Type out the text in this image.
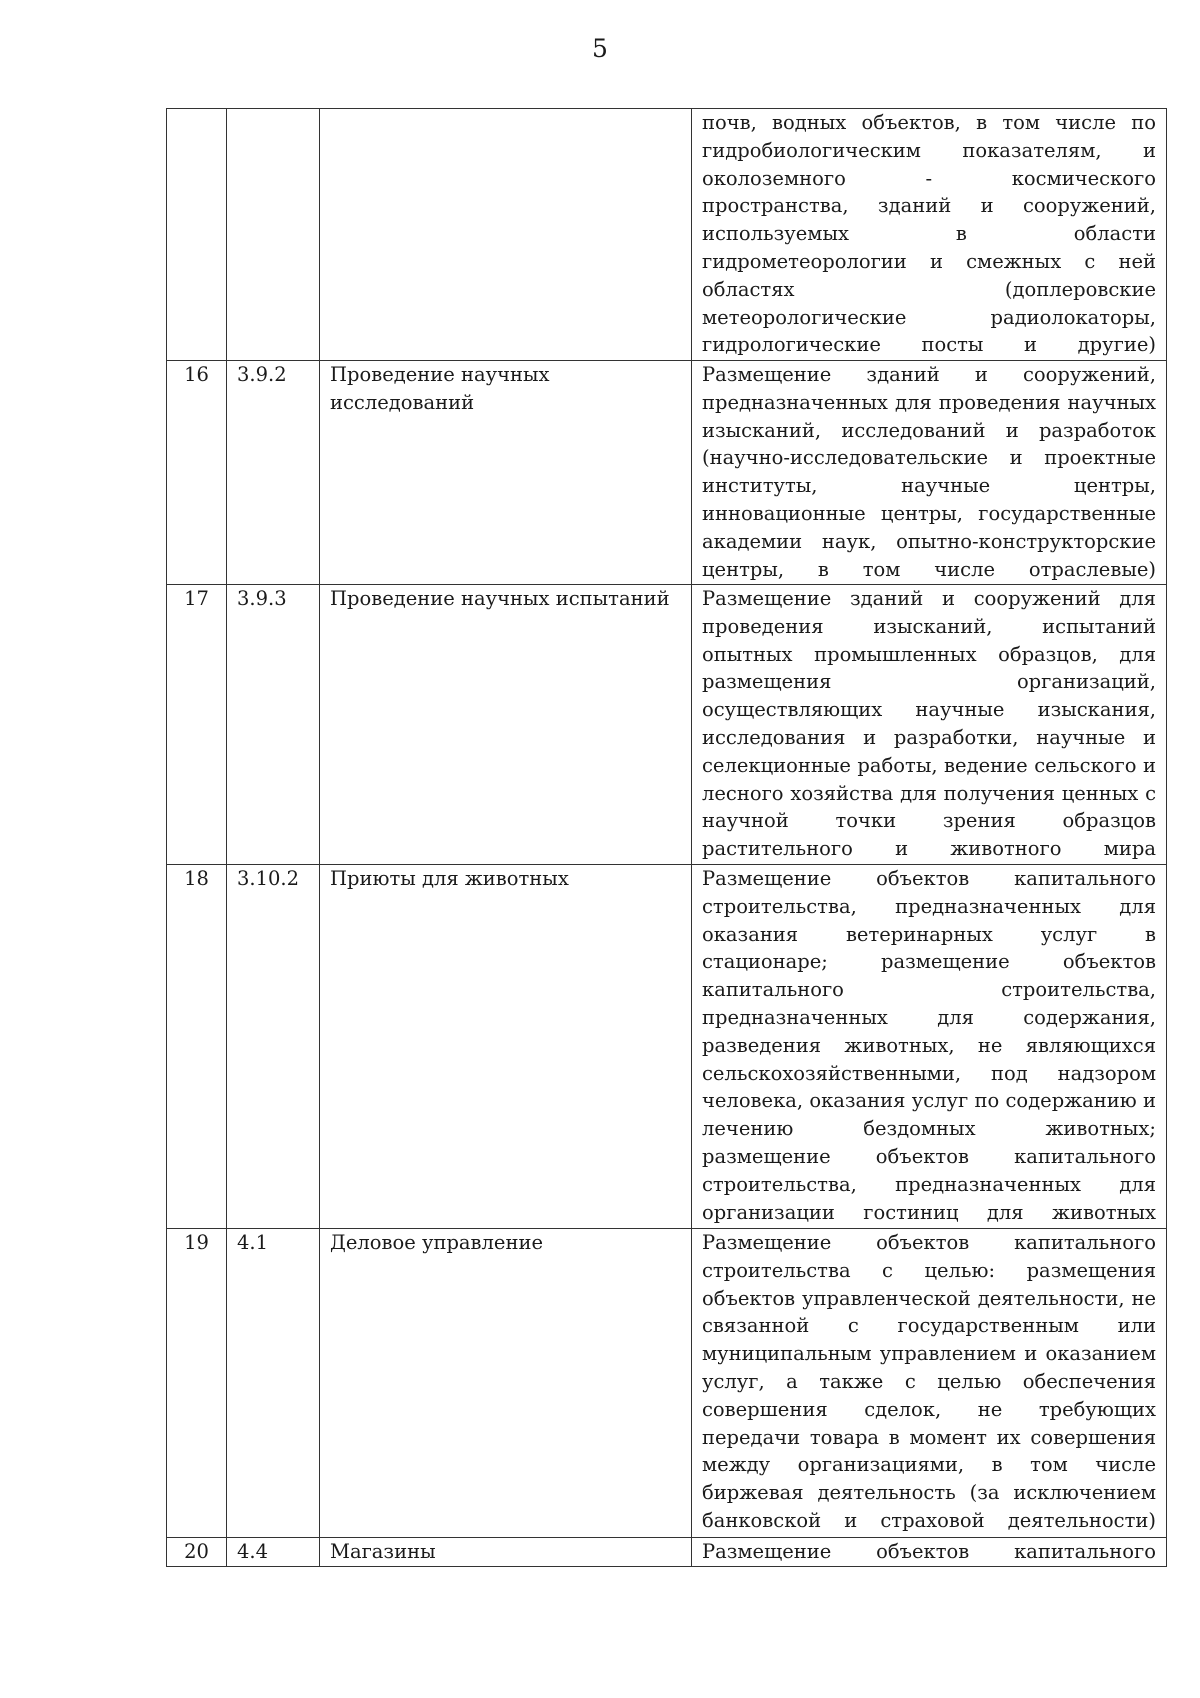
5
			почв, водных объектов, в том числе по гидробиологическим показателям, и околоземного - космического пространства, зданий и сооружений, используемых в области гидрометеорологии и смежных с ней областях (доплеровские метеорологические радиолокаторы, гидрологические посты и другие)
16	3.9.2	Проведение научных исследований	Размещение зданий и сооружений, предназначенных для проведения научных изысканий, исследований и разработок (научно-исследовательские и проектные институты, научные центры, инновационные центры, государственные академии наук, опытно-конструкторские центры, в том числе отраслевые)
17	3.9.3	Проведение научных испытаний	Размещение зданий и сооружений для проведения изысканий, испытаний опытных промышленных образцов, для размещения организаций, осуществляющих научные изыскания, исследования и разработки, научные и селекционные работы, ведение сельского и лесного хозяйства для получения ценных с научной точки зрения образцов растительного и животного мира
18	3.10.2	Приюты для животных	Размещение объектов капитального строительства, предназначенных для оказания ветеринарных услуг в стационаре; размещение объектов капитального строительства, предназначенных для содержания, разведения животных, не являющихся сельскохозяйственными, под надзором человека, оказания услуг по содержанию и лечению бездомных животных; размещение объектов капитального строительства, предназначенных для организации гостиниц для животных
19	4.1	Деловое управление	Размещение объектов капитального строительства с целью: размещения объектов управленческой деятельности, не связанной с государственным или муниципальным управлением и оказанием услуг, а также с целью обеспечения совершения сделок, не требующих передачи товара в момент их совершения между организациями, в том числе биржевая деятельность (за исключением банковской и страховой деятельности)
20	4.4	Магазины	Размещение объектов капитального
